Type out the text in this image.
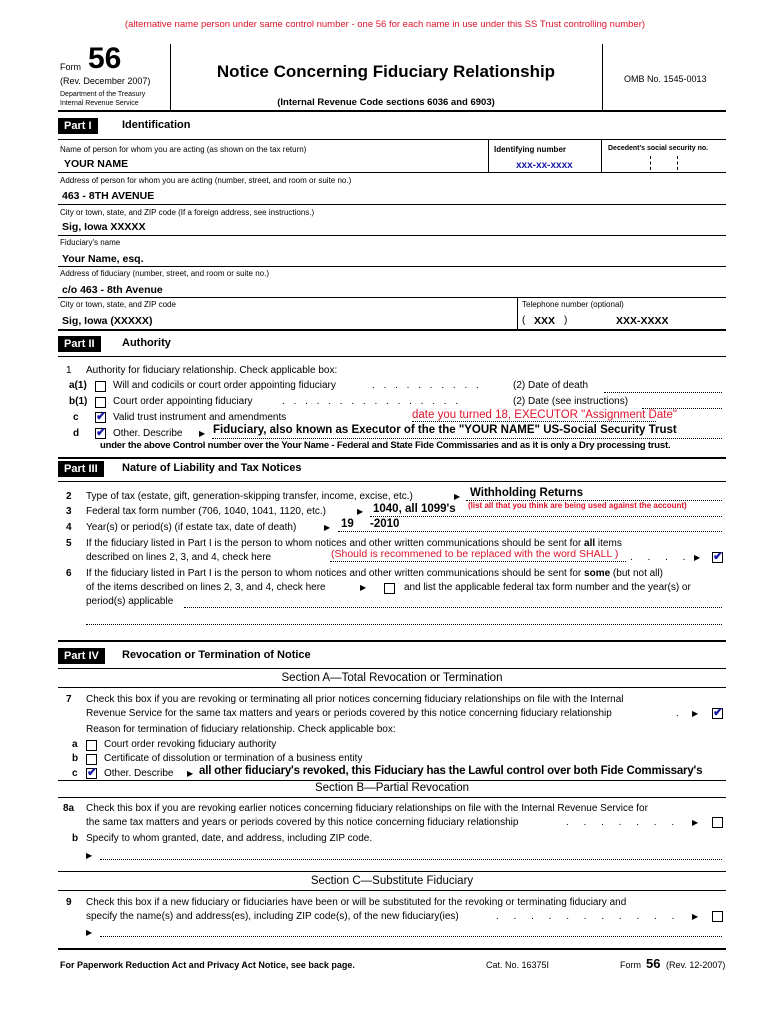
(alternative name person under same control number - one 56 for each name in use under this SS Trust controlling number)
Form 56
(Rev. December 2007)
Department of the Treasury
Internal Revenue Service
Notice Concerning Fiduciary Relationship
(Internal Revenue Code sections 6036 and 6903)
OMB No. 1545-0013
Part I	Identification
Name of person for whom you are acting (as shown on the tax return)	Identifying number	Decedent's social security no.
YOUR NAME	xxx-xx-xxxx
Address of person for whom you are acting (number, street, and room or suite no.)
463 - 8TH AVENUE
City or town, state, and ZIP code (If a foreign address, see instructions.)
Sig, Iowa XXXXX
Fiduciary's name
Your Name, esq.
Address of fiduciary (number, street, and room or suite no.)
c/o 463 - 8th Avenue
City or town, state, and ZIP code	Telephone number (optional)
Sig, Iowa (XXXXX)	( XXX )	XXX-XXXX
Part II	Authority
1 Authority for fiduciary relationship. Check applicable box:
a(1)	Will and codicils or court order appointing fiduciary	. . . . . . . . . .	(2) Date of death
b(1)	Court order appointing fiduciary	. . . . . . . . . . . . . . . .	(2) Date (see instructions)
c ✔	Valid trust instrument and amendments	date you turned 18, EXECUTOR "Assignment Date"
d ✔	Other. Describe ▶ Fiduciary, also known as Executor of the the "YOUR NAME" US-Social Security Trust
under the above Control number over the Your Name - Federal and State Fide Commissaries and as it is only a Dry processing trust.
Part III	Nature of Liability and Tax Notices
2 Type of tax (estate, gift, generation-skipping transfer, income, excise, etc.)	▶ Withholding Returns
3 Federal tax form number (706, 1040, 1041, 1120, etc.)	▶ 1040, all 1099's (list all that you think are being used against the account)
4 Year(s) or period(s) (if estate tax, date of death)	▶ 19 -2010
5 If the fiduciary listed in Part I is the person to whom notices and other written communications should be sent for all items
described on lines 2, 3, and 4, check here	(Should is recommened to be replaced with the word SHALL ) . . . . ▶
✔
6 If the fiduciary listed in Part I is the person to whom notices and other written communications should be sent for some (but not all)
of the items described on lines 2, 3, and 4, check here	▶	and list the applicable federal tax form number and the year(s) or
period(s) applicable
Part IV	Revocation or Termination of Notice
Section A—Total Revocation or Termination
7 Check this box if you are revoking or terminating all prior notices concerning fiduciary relationships on file with the Internal
Revenue Service for the same tax matters and years or periods covered by this notice concerning fiduciary relationship	. ▶
✔
Reason for termination of fiduciary relationship. Check applicable box:
a	Court order revoking fiduciary authority
b	Certificate of dissolution or termination of a business entity
c ✔	Other. Describe ▶ all other fiduciary's revoked, this Fiduciary has the Lawful control over both Fide Commissary's
Section B—Partial Revocation
8a Check this box if you are revoking earlier notices concerning fiduciary relationships on file with the Internal Revenue Service for
the same tax matters and years or periods covered by this notice concerning fiduciary relationship	. . . . . . . ▶
b Specify to whom granted, date, and address, including ZIP code.
▶
Section C—Substitute Fiduciary
9 Check this box if a new fiduciary or fiduciaries have been or will be substituted for the revoking or terminating fiduciary and
specify the name(s) and address(es), including ZIP code(s), of the new fiduciary(ies)	. . . . . . . . . . . ▶
▶
For Paperwork Reduction Act and Privacy Act Notice, see back page.	Cat. No. 16375I	Form 56 (Rev. 12-2007)
